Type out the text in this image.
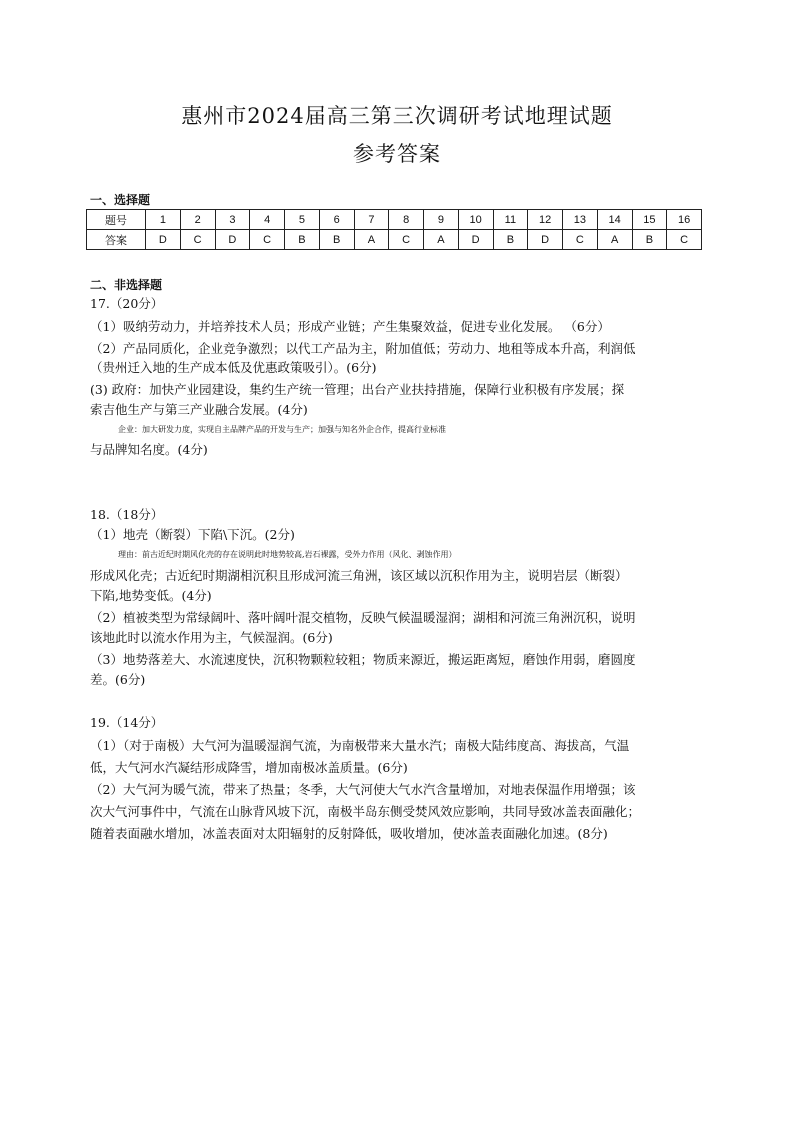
惠州市2024届高三第三次调研考试地理试题
参考答案
一、选择题
题号	1	2	3	4	5	6	7	8	9	10	11	12	13	14	15	16
答案	D	C	D	C	B	B	A	C	A	D	B	D	C	A	B	C
二、非选择题
17.（20分）
（1）吸纳劳动力，并培养技术人员；形成产业链；产生集聚效益，促进专业化发展。 （6分）
（2）产品同质化，企业竞争激烈；以代工产品为主，附加值低；劳动力、地租等成本升高，利润低
（贵州迁入地的生产成本低及优惠政策吸引）。(6分)
(3) 政府：加快产业园建设，集约生产统一管理；出台产业扶持措施，保障行业积极有序发展；探
索吉他生产与第三产业融合发展。(4分)
企业：加大研发力度，实现自主品牌产品的开发与生产；加强与知名外企合作，提高行业标准
与品牌知名度。(4分)
18.（18分）
（1）地壳（断裂）下陷\下沉。(2分)
理由：前古近纪时期风化壳的存在说明此时地势较高,岩石裸露，受外力作用（风化、剥蚀作用）
形成风化壳；古近纪时期湖相沉积且形成河流三角洲，该区域以沉积作用为主，说明岩层（断裂）
下陷,地势变低。(4分)
（2）植被类型为常绿阔叶、落叶阔叶混交植物，反映气候温暖湿润；湖相和河流三角洲沉积，说明
该地此时以流水作用为主，气候湿润。(6分)
（3）地势落差大、水流速度快，沉积物颗粒较粗；物质来源近，搬运距离短，磨蚀作用弱，磨圆度
差。(6分)
19.（14分）
（1）（对于南极）大气河为温暖湿润气流，为南极带来大量水汽；南极大陆纬度高、海拔高，气温
低，大气河水汽凝结形成降雪，增加南极冰盖质量。(6分)
（2）大气河为暖气流，带来了热量；冬季，大气河使大气水汽含量增加，对地表保温作用增强；该
次大气河事件中，气流在山脉背风坡下沉，南极半岛东侧受焚风效应影响，共同导致冰盖表面融化；
随着表面融水增加，冰盖表面对太阳辐射的反射降低，吸收增加，使冰盖表面融化加速。(8分)
